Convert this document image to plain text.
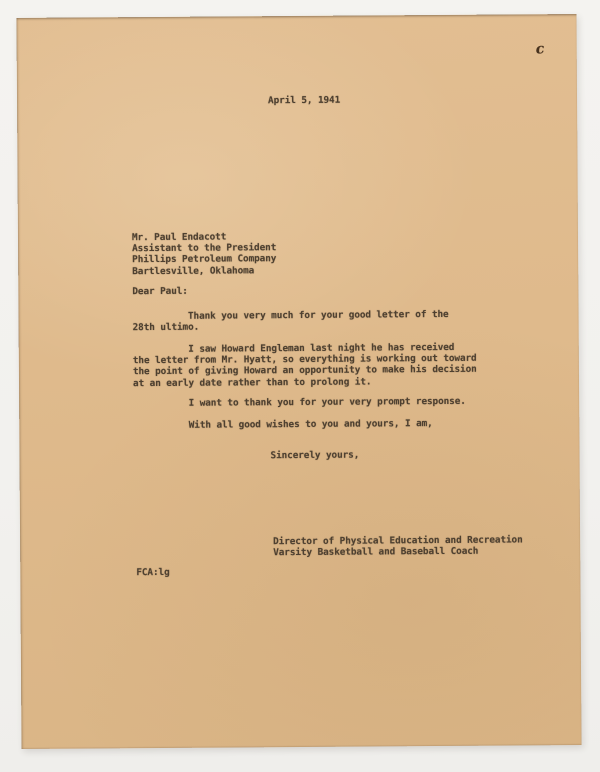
April 5, 1941
Mr. Paul Endacott
Assistant to the President
Phillips Petroleum Company
Bartlesville, Oklahoma
Dear Paul:
Thank you very much for your good letter of the
28th ultimo.
I saw Howard Engleman last night he has received
the letter from Mr. Hyatt, so everything is working out toward
the point of giving Howard an opportunity to make his decision
at an early date rather than to prolong it.
I want to thank you for your very prompt response.
With all good wishes to you and yours, I am,
Sincerely yours,
Director of Physical Education and Recreation
Varsity Basketball and Baseball Coach
FCA:lg
c
